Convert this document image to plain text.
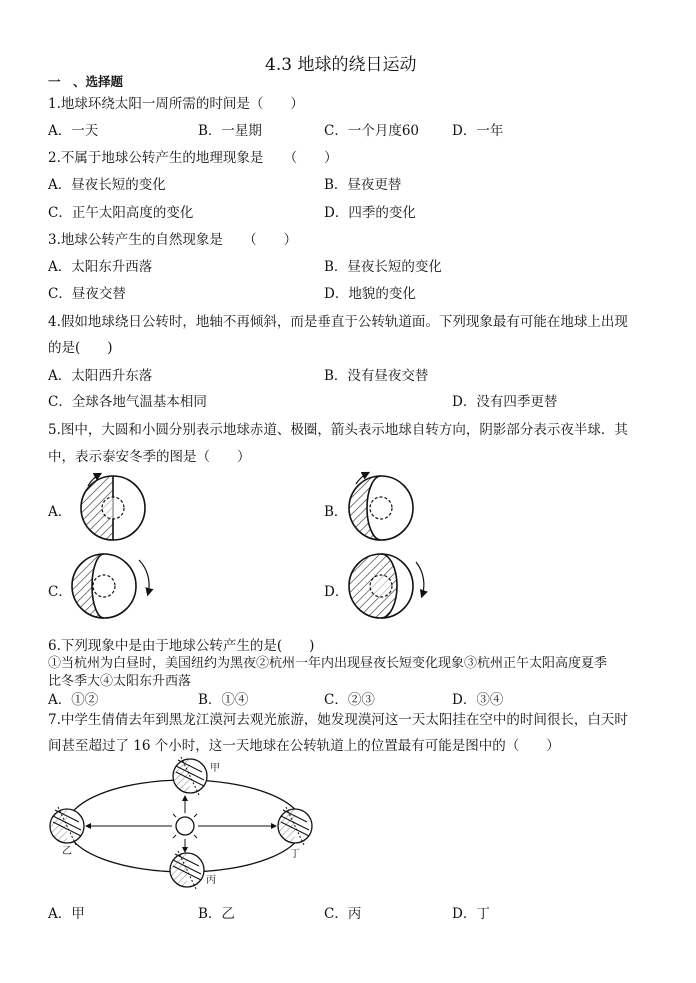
4.3 地球的绕日运动
一　、选择题
1.地球环绕太阳一周所需的时间是（　　）
A．一天	B．一星期	C．一个月度60 D．一年
2.不属于地球公转产生的地理现象是　　（　　）
A．昼夜长短的变化	B．昼夜更替
C．正午太阳高度的变化	D．四季的变化
3.地球公转产生的自然现象是　　（　　）
A．太阳东升西落	B．昼夜长短的变化
C．昼夜交替	D．地貌的变化
4.假如地球绕日公转时，地轴不再倾斜，而是垂直于公转轨道面。下列现象最有可能在地球上出现
的是(　　)
A．太阳西升东落	B．没有昼夜交替
C．全球各地气温基本相同	D．没有四季更替
5.图中，大圆和小圆分别表示地球赤道、极圈，箭头表示地球自转方向，阴影部分表示夜半球．其
中，表示泰安冬季的图是（　　）
A．	B．
C．	D．
6.下列现象中是由于地球公转产生的是(　　)
①当杭州为白昼时，美国纽约为黑夜②杭州一年内出现昼夜长短变化现象③杭州正午太阳高度夏季
比冬季大④太阳东升西落
A．①②	B．①④	C．②③	D．③④
7.中学生倩倩去年到黑龙江漠河去观光旅游，她发现漠河这一天太阳挂在空中的时间很长，白天时
间甚至超过了 16 个小时，这一天地球在公转轨道上的位置最有可能是图中的（　　）
甲
乙
丙
丁
A．甲	B．乙	C．丙	D．丁
